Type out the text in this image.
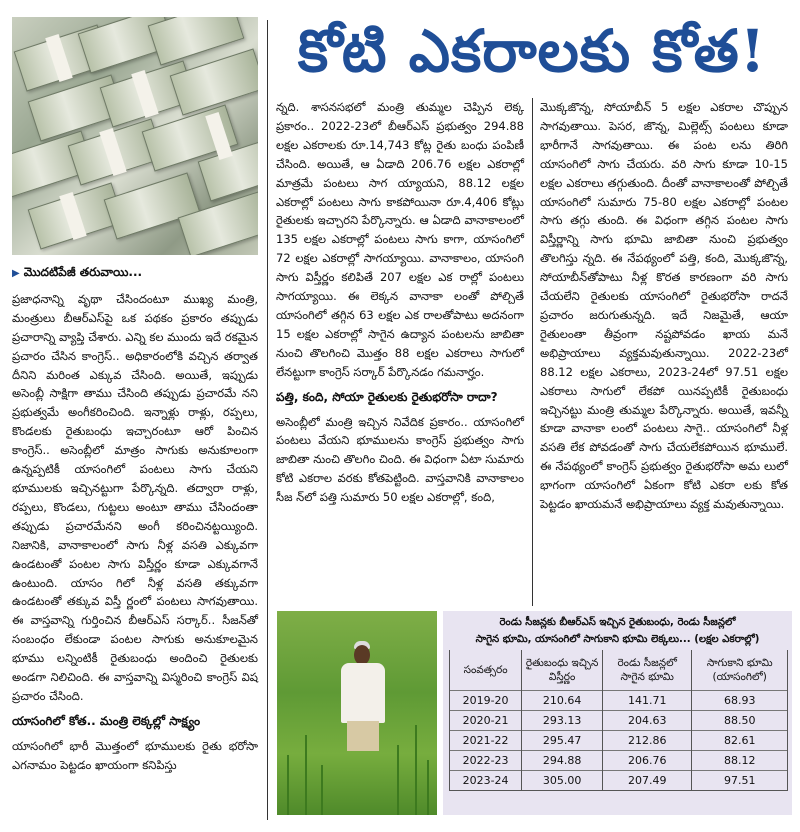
కోటి ఎకరాలకు కోత!
▶ మొదటిపేజీ తరువాయి...

ప్రజాధనాన్ని వృథా చేసిందంటూ ముఖ్య మంత్రి, మంత్రులు బీఆర్ఎస్‌పై ఒక పథకం ప్రకారం తప్పుడు ప్రచారాన్ని వ్యాప్తి చేశారు. ఎన్ని కల ముందు ఇదే రకమైన ప్రచారం చేసిన కాంగ్రెస్.. అధికారంలోకి వచ్చిన తర్వాత దీనిని మరింత ఎక్కువ చేసింది. అయితే, ఇప్పుడు అసెంబ్లీ సాక్షిగా తాము చేసింది తప్పుడు ప్రచారమే నని ప్రభుత్వమే అంగీకరించింది. ఇన్నాళ్లు రాళ్లు, రప్పలు, కొండలకు రైతుబంధు ఇచ్చారంటూ ఆరో పించిన కాంగ్రెస్.. అసెంబ్లీలో మాత్రం సాగుకు అనుకూలంగా ఉన్నప్పటికీ యాసంగిలో పంటలు సాగు చేయని భూములకు ఇచ్చినట్టుగా పేర్కొన్నది. తద్వారా రాళ్లు, రప్పలు, కొండలు, గుట్టలు అంటూ తాము చేసిందంతా తప్పుడు ప్రచారమేనని అంగీ కరించినట్టయ్యింది. నిజానికి, వానాకాలంలో సాగు నీళ్ల వసతి ఎక్కువగా ఉండటంతో పంటల సాగు విస్తీర్ణం కూడా ఎక్కువగానే ఉంటుంది. యాసం గిలో నీళ్ల వసతి తక్కువగా ఉండటంతో తక్కువ విస్తీ ర్ణంలో పంటలు సాగవుతాయి. ఈ వాస్తవాన్ని గుర్తించిన బీఆర్ఎస్ సర్కార్.. సీజన్‌తో సంబంధం లేకుండా పంటల సాగుకు అనుకూలమైన భూము లన్నింటికీ రైతుబంధు అందించి రైతులకు అండగా నిలిచింది. ఈ వాస్తవాన్ని విస్మరించి కాంగ్రెస్ విష ప్రచారం చేసింది.

యాసంగిలో కోత.. మంత్రి లెక్కల్లో సాక్ష్యం

యాసంగిలో భారీ మొత్తంలో భూములకు రైతు భరోసా ఎగనామం పెట్టడం ఖాయంగా కనిపిస్తు

న్నది. శాసనసభలో మంత్రి తుమ్మల చెప్పిన లెక్క ప్రకారం.. 2022-23లో బీఆర్ఎస్ ప్రభుత్వం 294.88 లక్షల ఎకరాలకు రూ.14,743 కోట్ల రైతు బంధు పంపిణీ చేసింది. అయితే, ఆ ఏడాది 206.76 లక్షల ఎకరాల్లో మాత్రమే పంటలు సాగ య్యాయని, 88.12 లక్షల ఎకరాల్లో పంటలు సాగు కాకపోయినా రూ.4,406 కోట్లు రైతులకు ఇచ్చారని పేర్కొన్నారు. ఆ ఏడాది వానాకాలంలో 135 లక్షల ఎకరాల్లో పంటలు సాగు కాగా, యాసంగిలో 72 లక్షల ఎకరాల్లో సాగయ్యాయి. వానాకాలం, యాసంగి సాగు విస్తీర్ణం కలిపితే 207 లక్షల ఎక రాల్లో పంటలు సాగయ్యాయి. ఈ లెక్కన వానాకా లంతో పోల్చితే యాసంగిలో తగ్గిన 63 లక్షల ఎక రాలతోపాటు అదనంగా 15 లక్షల ఎకరాల్లో సాగైన ఉద్యాన పంటలను జాబితా నుంచి తొలగించి మొత్తం 88 లక్షల ఎకరాలు సాగులో లేనట్టుగా కాంగ్రెస్ సర్కార్ పేర్కొనడం గమనార్హం.

పత్తి, కంది, సోయా రైతులకు రైతుభరోసా రాదా?

అసెంబ్లీలో మంత్రి ఇచ్చిన నివేదిక ప్రకారం.. యాసంగిలో పంటలు వేయని భూములను కాంగ్రెస్ ప్రభుత్వం సాగు జాబితా నుంచి తొలగిం చింది. ఈ విధంగా ఏటా సుమారు కోటి ఎకరాల వరకు కోతపెట్టింది. వాస్తవానికి వానాకాలం సీజ న్‌లో పత్తి సుమారు 50 లక్షల ఎకరాల్లో, కంది,

మొక్కజొన్న, సోయాబీన్ 5 లక్షల ఎకరాల చొప్పున సాగవుతాయి. పెసర, జొన్న, మిల్లెట్స్ పంటలు కూడా భారీగానే సాగవుతాయి. ఈ పంట లను తిరిగి యాసంగిలో సాగు చేయరు. వరి సాగు కూడా 10-15 లక్షల ఎకరాలు తగ్గుతుంది. దీంతో వానాకాలంతో పోల్చితే యాసంగిలో సుమారు 75-80 లక్షల ఎకరాల్లో పంటల సాగు తగ్గు తుంది. ఈ విధంగా తగ్గిన పంటల సాగు విస్తీర్ణాన్ని సాగు భూమి జాబితా నుంచి ప్రభుత్వం తొలగిస్తు న్నది. ఈ నేపథ్యంలో పత్తి, కంది, మొక్కజొన్న, సోయాబీన్‌తోపాటు నీళ్ల కొరత కారణంగా వరి సాగు చేయలేని రైతులకు యాసంగిలో రైతుభరోసా రాదనే ప్రచారం జరుగుతున్నది. ఇదే నిజమైతే, ఆయా రైతులంతా తీవ్రంగా నష్టపోవడం ఖాయ మనే అభిప్రాయాలు వ్యక్తమవుతున్నాయి. 2022-23లో 88.12 లక్షల ఎకరాలు, 2023-24లో 97.51 లక్షల ఎకరాలు సాగులో లేకపో యినప్పటికీ రైతుబంధు ఇచ్చినట్టు మంత్రి తుమ్మల పేర్కొన్నారు. అయితే, ఇవన్నీ కూడా వానాకా లంలో పంటలు సాగై.. యాసంగిలో నీళ్ల వసతి లేక పోవడంతో సాగు చేయలేకపోయిన భూములే. ఈ నేపథ్యంలో కాంగ్రెస్ ప్రభుత్వం రైతుభరోసా అమ లులో భాగంగా యాసంగిలో ఏకంగా కోటి ఎకరా లకు కోత పెట్టడం ఖాయమనే అభిప్రాయాలు వ్యక్త మవుతున్నాయి.

రెండు సీజన్లకు బీఆర్ఎస్ ఇచ్చిన రైతుబంధు, రెండు సీజన్లలో
సాగైన భూమి, యాసంగిలో సాగుకాని భూమి లెక్కలు... (లక్షల ఎకరాల్లో)
సంవత్సరం	రైతుబంధు ఇచ్చిన విస్తీర్ణం	రెండు సీజన్లలో సాగైన భూమి	సాగుకాని భూమి (యాసంగిలో)
2019-20	210.64	141.71	68.93
2020-21	293.13	204.63	88.50
2021-22	295.47	212.86	82.61
2022-23	294.88	206.76	88.12
2023-24	305.00	207.49	97.51
